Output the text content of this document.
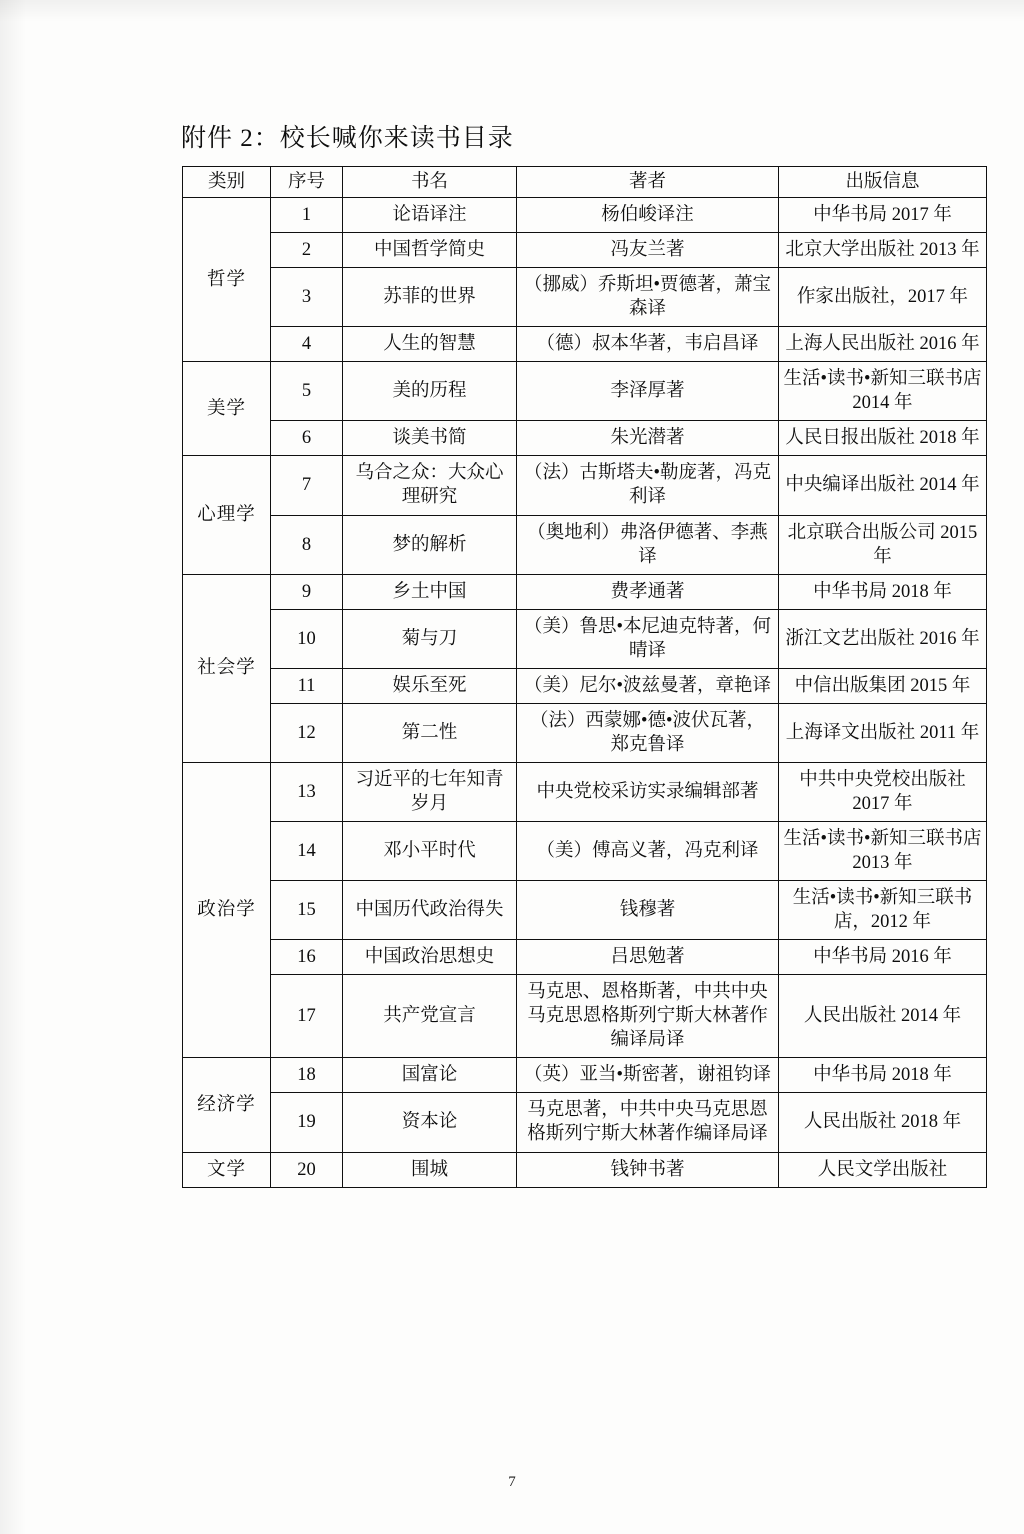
附件 2：校长喊你来读书目录
类别	序号	书名	著者	出版信息
哲学	1	论语译注	杨伯峻译注	中华书局 2017 年
	2	中国哲学简史	冯友兰著	北京大学出版社 2013 年
	3	苏菲的世界	（挪威）乔斯坦•贾德著，萧宝森译	作家出版社，2017 年
	4	人生的智慧	（德）叔本华著，韦启昌译	上海人民出版社 2016 年
美学	5	美的历程	李泽厚著	生活•读书•新知三联书店 2014 年
	6	谈美书简	朱光潜著	人民日报出版社 2018 年
心理学	7	乌合之众：大众心理研究	（法）古斯塔夫•勒庞著，冯克利译	中央编译出版社 2014 年
	8	梦的解析	（奥地利）弗洛伊德著、李燕译	北京联合出版公司 2015 年
社会学	9	乡土中国	费孝通著	中华书局 2018 年
	10	菊与刀	（美）鲁思•本尼迪克特著，何晴译	浙江文艺出版社 2016 年
	11	娱乐至死	（美）尼尔•波兹曼著，章艳译	中信出版集团 2015 年
	12	第二性	（法）西蒙娜•德•波伏瓦著，郑克鲁译	上海译文出版社 2011 年
政治学	13	习近平的七年知青岁月	中央党校采访实录编辑部著	中共中央党校出版社 2017 年
	14	邓小平时代	（美）傅高义著，冯克利译	生活•读书•新知三联书店 2013 年
	15	中国历代政治得失	钱穆著	生活•读书•新知三联书店，2012 年
	16	中国政治思想史	吕思勉著	中华书局 2016 年
	17	共产党宣言	马克思、恩格斯著，中共中央马克思恩格斯列宁斯大林著作编译局译	人民出版社 2014 年
经济学	18	国富论	（英）亚当•斯密著，谢祖钧译	中华书局 2018 年
	19	资本论	马克思著，中共中央马克思恩格斯列宁斯大林著作编译局译	人民出版社 2018 年
文学	20	围城	钱钟书著	人民文学出版社
7
